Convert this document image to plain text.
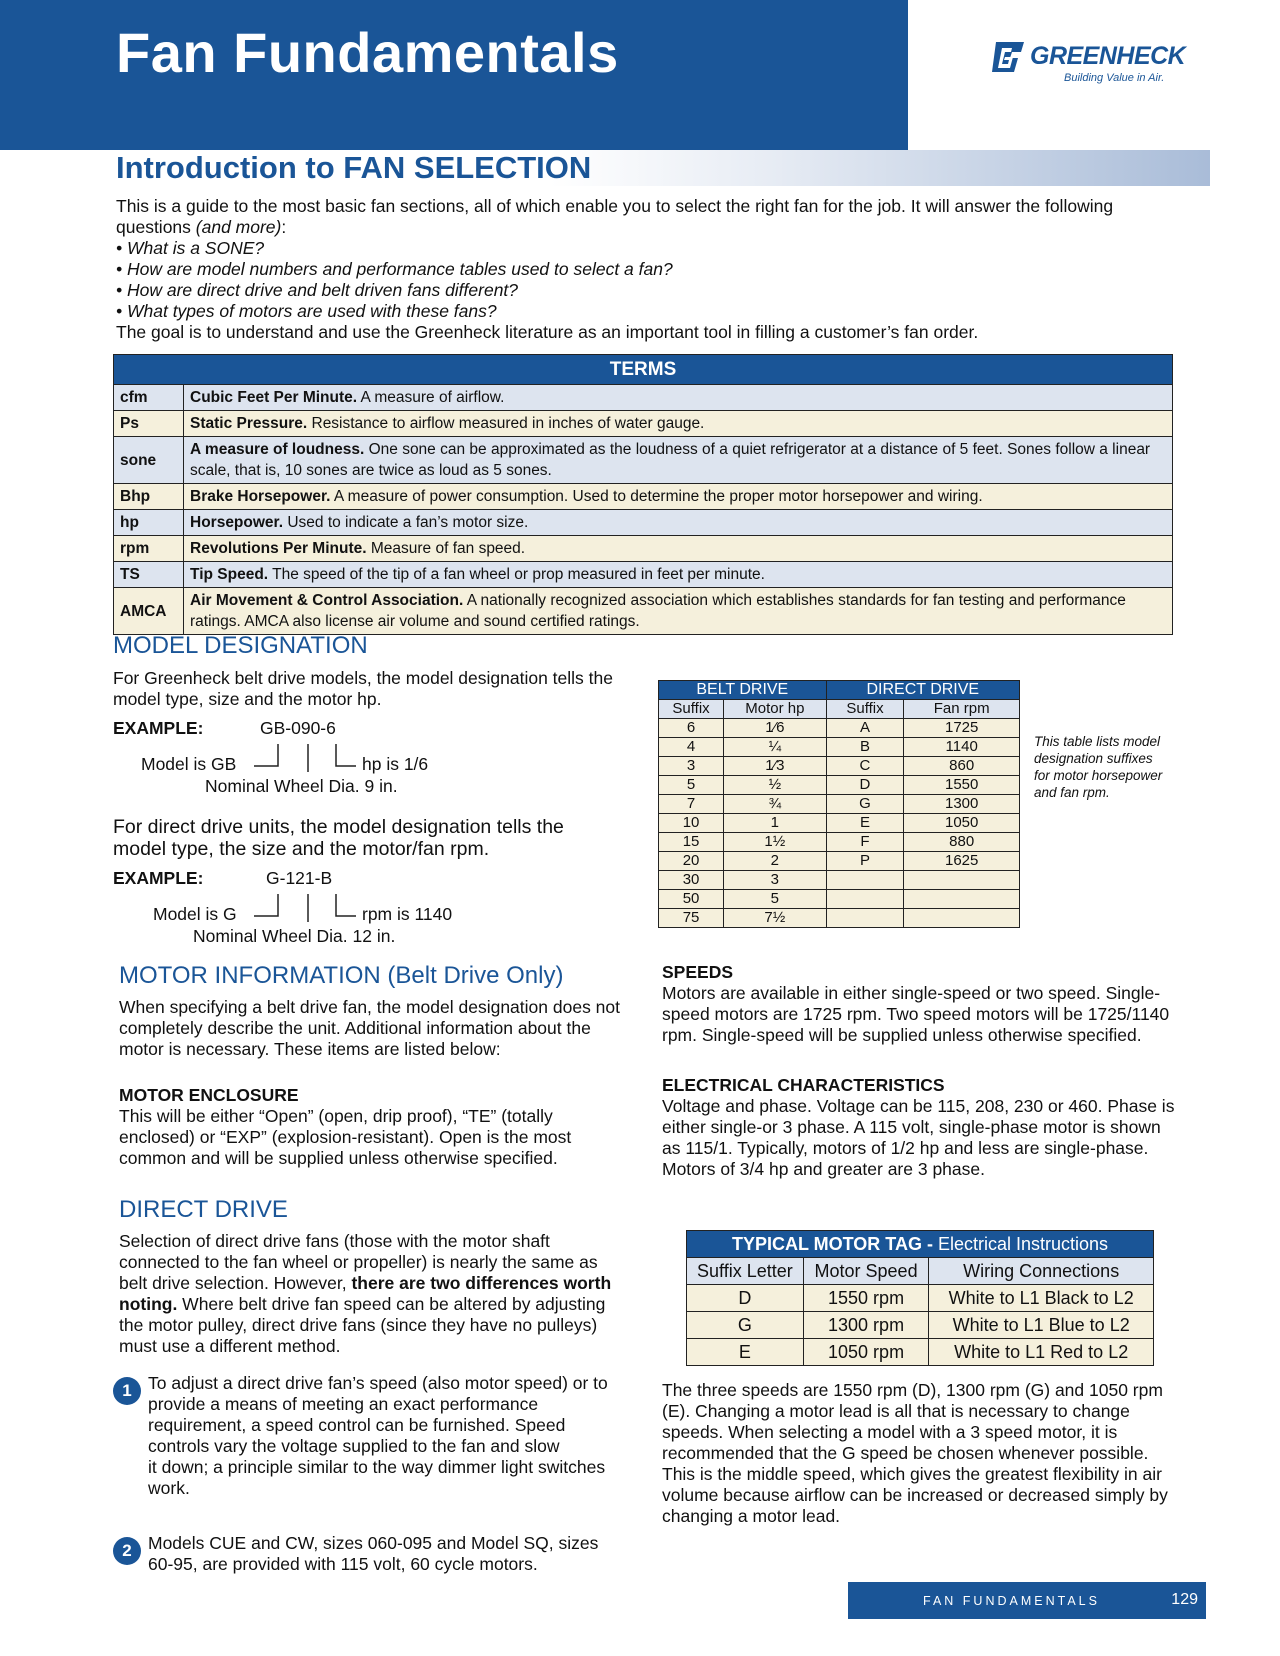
Fan Fundamentals	GREENHECK
Building Value in Air.
Introduction to FAN SELECTION

This is a guide to the most basic fan sections, all of which enable you to select the right fan for the job. It will answer the following questions (and more):

• What is a SONE?

• How are model numbers and performance tables used to select a fan?

• How are direct drive and belt driven fans different?

• What types of motors are used with these fans?

The goal is to understand and use the Greenheck literature as an important tool in filling a customer’s fan order.

TERMS	
cfm	Cubic Feet Per Minute. A measure of airflow.
Ps	Static Pressure. Resistance to airflow measured in inches of water gauge.
sone	A measure of loudness. One sone can be approximated as the loudness of a quiet refrigerator at a distance of 5 feet. Sones follow a linear scale, that is, 10 sones are twice as loud as 5 sones.
Bhp	Brake Horsepower. A measure of power consumption. Used to determine the proper motor horsepower and wiring.
hp	Horsepower. Used to indicate a fan’s motor size.
rpm	Revolutions Per Minute. Measure of fan speed.
TS	Tip Speed. The speed of the tip of a fan wheel or prop measured in feet per minute.
AMCA	Air Movement & Control Association. A nationally recognized association which establishes standards for fan testing and performance ratings. AMCA also license air volume and sound certified ratings.
MODEL DESIGNATION
For Greenheck belt drive models, the model designation tells the model type, size and the motor hp.
EXAMPLE:	GB-090-6
Model is GB	hp is 1/6
Nominal Wheel Dia. 9 in.
For direct drive units, the model designation tells the model type, the size and the motor/fan rpm.
EXAMPLE:	G-121-B
Model is G	rpm is 1140
Nominal Wheel Dia. 12 in.
BELT DRIVE		DIRECT DRIVE	
Suffix	Motor hp	Suffix	Fan rpm
6	1⁄6	A	1725
4	¼	B	1140
3	1⁄3	C	860
5	½	D	1550
7	¾	G	1300
10	1	E	1050
15	1½	F	880
20	2	P	1625
30	3		
50	5		
75	7½		
This table lists model designation suffixes for motor horsepower and fan rpm.
MOTOR INFORMATION (Belt Drive Only)
When specifying a belt drive fan, the model designation does not completely describe the unit. Additional information about the motor is necessary. These items are listed below:
MOTOR ENCLOSURE
This will be either “Open” (open, drip proof), “TE” (totally enclosed) or “EXP” (explosion-resistant). Open is the most common and will be supplied unless otherwise specified.
DIRECT DRIVE
Selection of direct drive fans (those with the motor shaft connected to the fan wheel or propeller) is nearly the same as belt drive selection. However, there are two differences worth noting. Where belt drive fan speed can be altered by adjusting the motor pulley, direct drive fans (since they have no pulleys) must use a different method.
1 To adjust a direct drive fan’s speed (also motor speed) or to provide a means of meeting an exact performance requirement, a speed control can be furnished. Speed controls vary the voltage supplied to the fan and slow
it down; a principle similar to the way dimmer light switches work.
2 Models CUE and CW, sizes 060-095 and Model SQ, sizes 60-95, are provided with 115 volt, 60 cycle motors.
SPEEDS
Motors are available in either single-speed or two speed. Single-speed motors are 1725 rpm. Two speed motors will be 1725/1140 rpm. Single-speed will be supplied unless otherwise specified.
ELECTRICAL CHARACTERISTICS
Voltage and phase. Voltage can be 115, 208, 230 or 460. Phase is either single-or 3 phase. A 115 volt, single-phase motor is shown as 115/1. Typically, motors of 1/2 hp and less are single-phase. Motors of 3/4 hp and greater are 3 phase.
TYPICAL MOTOR TAG - Electrical Instructions		
Suffix Letter	Motor Speed	Wiring Connections
D	1550 rpm	White to L1 Black to L2
G	1300 rpm	White to L1 Blue to L2
E	1050 rpm	White to L1 Red to L2
The three speeds are 1550 rpm (D), 1300 rpm (G) and 1050 rpm (E). Changing a motor lead is all that is necessary to change speeds. When selecting a model with a 3 speed motor, it is recommended that the G speed be chosen whenever possible. This is the middle speed, which gives the greatest flexibility in air volume because airflow can be increased or decreased simply by changing a motor lead.
FAN FUNDAMENTALS	129
